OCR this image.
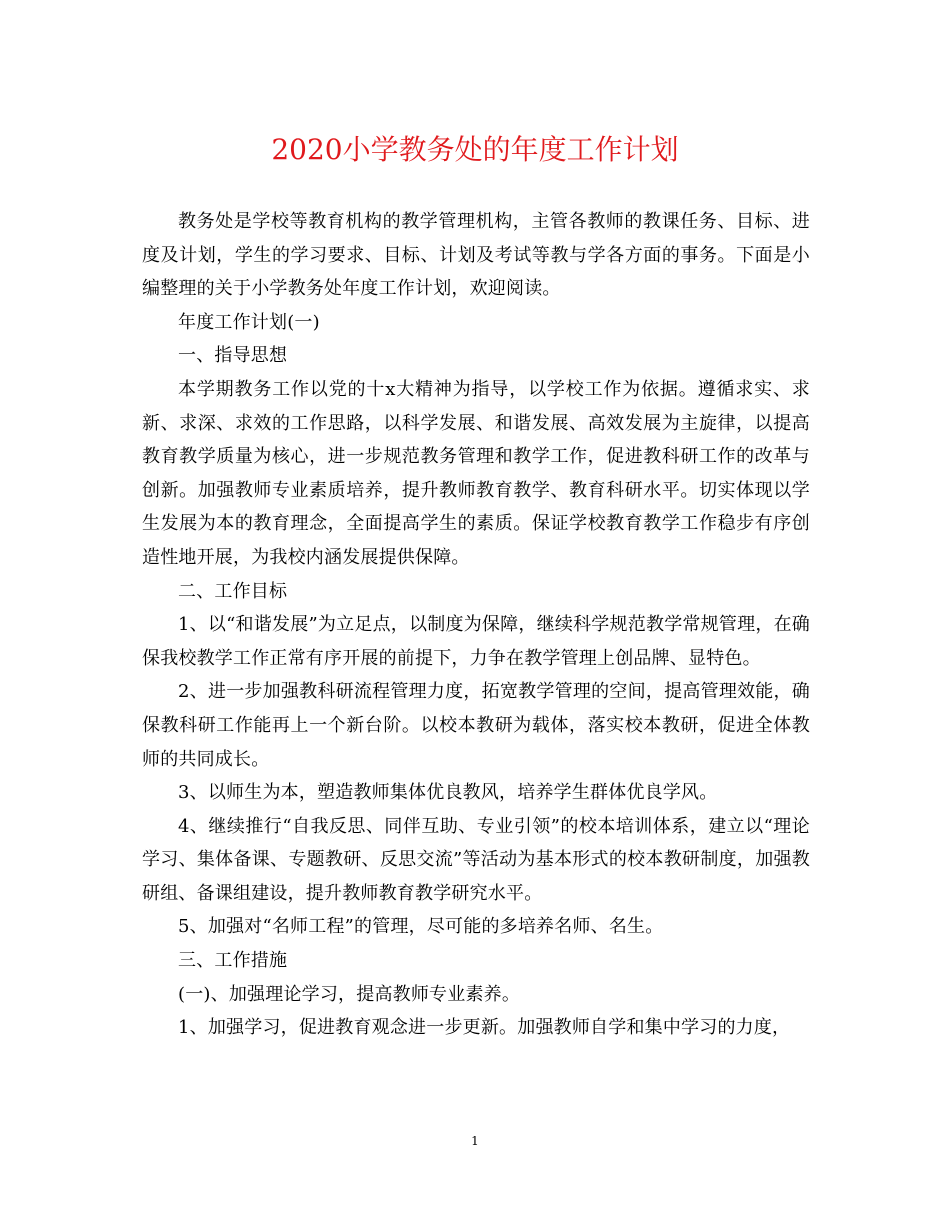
2020小学教务处的年度工作计划

教务处是学校等教育机构的教学管理机构，主管各教师的教课任务、目标、进度及计划，学生的学习要求、目标、计划及考试等教与学各方面的事务。下面是小编整理的关于小学教务处年度工作计划，欢迎阅读。

年度工作计划(一)

一、指导思想

本学期教务工作以党的十x大精神为指导，以学校工作为依据。遵循求实、求新、求深、求效的工作思路，以科学发展、和谐发展、高效发展为主旋律，以提高教育教学质量为核心，进一步规范教务管理和教学工作，促进教科研工作的改革与创新。加强教师专业素质培养，提升教师教育教学、教育科研水平。切实体现以学生发展为本的教育理念，全面提高学生的素质。保证学校教育教学工作稳步有序创造性地开展，为我校内涵发展提供保障。

二、工作目标

1、以“和谐发展”为立足点，以制度为保障，继续科学规范教学常规管理，在确保我校教学工作正常有序开展的前提下，力争在教学管理上创品牌、显特色。

2、进一步加强教科研流程管理力度，拓宽教学管理的空间，提高管理效能，确保教科研工作能再上一个新台阶。以校本教研为载体，落实校本教研，促进全体教师的共同成长。

3、以师生为本，塑造教师集体优良教风，培养学生群体优良学风。

4、继续推行“自我反思、同伴互助、专业引领”的校本培训体系，建立以“理论学习、集体备课、专题教研、反思交流”等活动为基本形式的校本教研制度，加强教研组、备课组建设，提升教师教育教学研究水平。

5、加强对“名师工程”的管理，尽可能的多培养名师、名生。

三、工作措施

(一)、加强理论学习，提高教师专业素养。

1、加强学习，促进教育观念进一步更新。加强教师自学和集中学习的力度，

1
